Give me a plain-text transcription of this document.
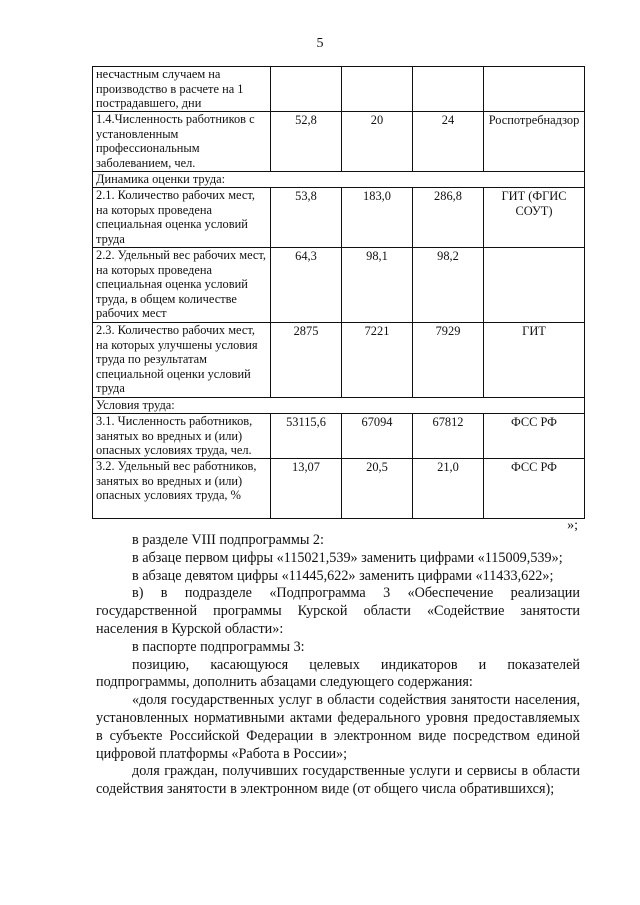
5
несчастным случаем на производство в расчете на 1 пострадавшего, дни				
1.4.Численность работников с установленным профессиональным заболеванием, чел.	52,8	20	24	Роспотребнадзор
Динамика оценки труда:				
2.1. Количество рабочих мест, на которых проведена специальная оценка условий труда	53,8	183,0	286,8	ГИТ (ФГИС СОУТ)
2.2. Удельный вес рабочих мест, на которых проведена специальная оценка условий труда, в общем количестве рабочих мест	64,3	98,1	98,2	
2.3. Количество рабочих мест, на которых улучшены условия труда по результатам специальной оценки условий труда	2875	7221	7929	ГИТ
Условия труда:				
3.1. Численность работников, занятых во вредных и (или) опасных условиях труда, чел.	53115,6	67094	67812	ФСС РФ
3.2. Удельный вес работников, занятых во вредных и (или) опасных условиях труда, %	13,07	20,5	21,0	ФСС РФ
»;

в разделе VIII подпрограммы 2:

в абзаце первом цифры «115021,539» заменить цифрами «115009,539»;

в абзаце девятом цифры «11445,622» заменить цифрами «11433,622»;

в) в подразделе «Подпрограмма 3 «Обеспечение реализации государственной программы Курской области «Содействие занятости населения в Курской области»:

в паспорте подпрограммы 3:

позицию, касающуюся целевых индикаторов и показателей подпрограммы, дополнить абзацами следующего содержания:

«доля государственных услуг в области содействия занятости населения, установленных нормативными актами федерального уровня предоставляемых в субъекте Российской Федерации в электронном виде посредством единой цифровой платформы «Работа в России»;

доля граждан, получивших государственные услуги и сервисы в области содействия занятости в электронном виде (от общего числа обратившихся);
